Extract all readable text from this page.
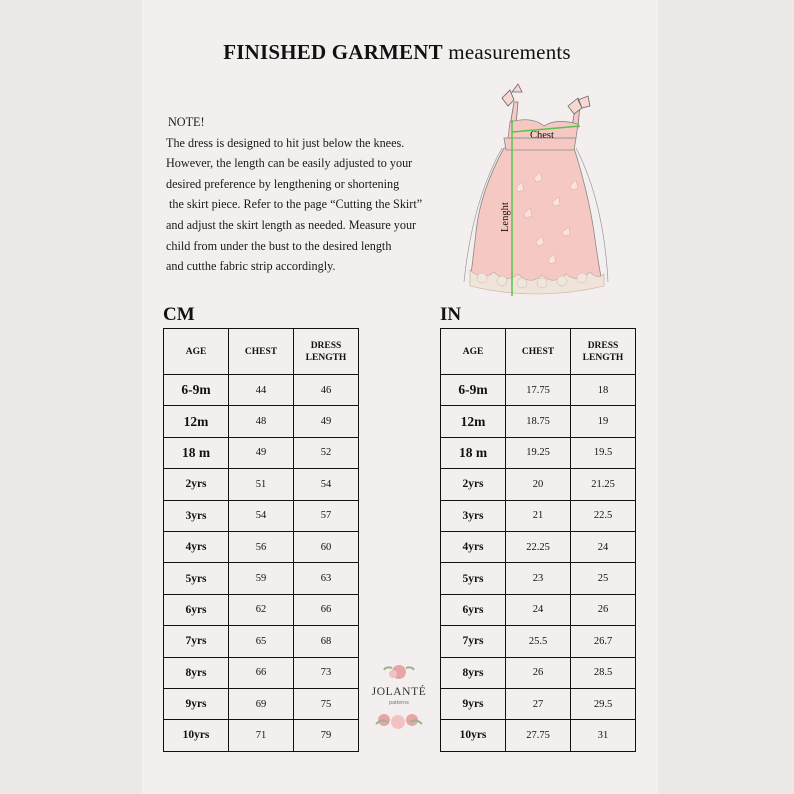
FINISHED GARMENT measurements
NOTE!
The dress is designed to hit just below the knees.
However, the length can be easily adjusted to your
desired preference by lengthening or shortening
the skirt piece. Refer to the page “Cutting the Skirt”
and adjust the skirt length as needed. Measure your
child from under the bust to the desired length
and cutthe fabric strip accordingly.
Chest
Lenght
CM
AGE	CHEST	DRESS LENGTH
6-9m	44	46
12m	48	49
18 m	49	52
2yrs	51	54
3yrs	54	57
4yrs	56	60
5yrs	59	63
6yrs	62	66
7yrs	65	68
8yrs	66	73
9yrs	69	75
10yrs	71	79
IN
AGE	CHEST	DRESS LENGTH
6-9m	17.75	18
12m	18.75	19
18 m	19.25	19.5
2yrs	20	21.25
3yrs	21	22.5
4yrs	22.25	24
5yrs	23	25
6yrs	24	26
7yrs	25.5	26.7
8yrs	26	28.5
9yrs	27	29.5
10yrs	27.75	31
JOLANTÉ
patterns
